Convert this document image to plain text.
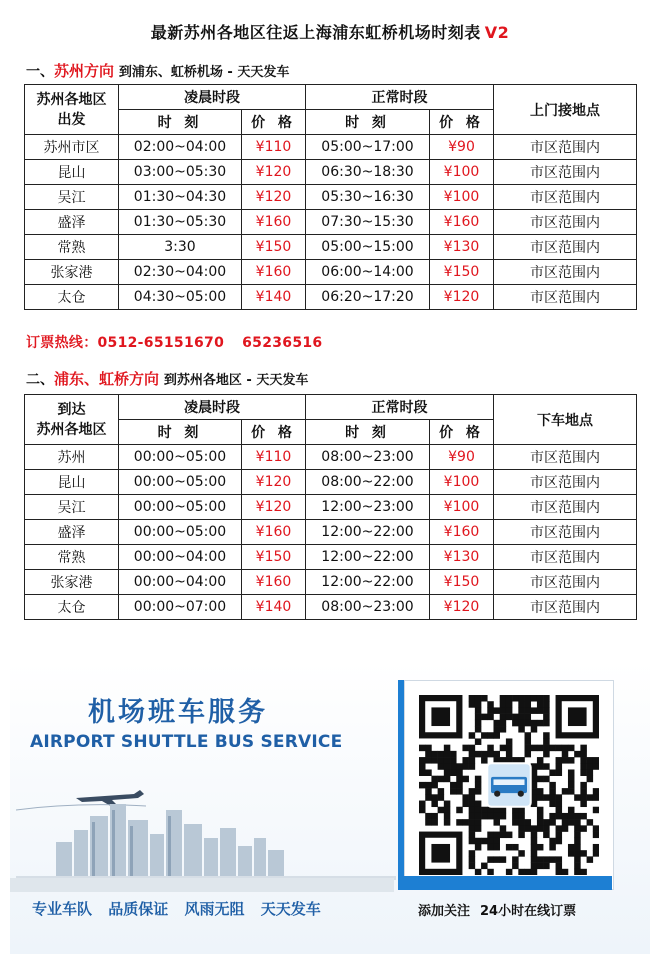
最新苏州各地区往返上海浦东虹桥机场时刻表 V2
一、苏州方向 到浦东、虹桥机场 - 天天发车
苏州各地区
出发	凌晨时段		正常时段		上门接地点
	时 刻	价 格	时 刻	价 格	
苏州市区	02:00~04:00	¥110	05:00~17:00	¥90	市区范围内
昆山	03:00~05:30	¥120	06:30~18:30	¥100	市区范围内
吴江	01:30~04:30	¥120	05:30~16:30	¥100	市区范围内
盛泽	01:30~05:30	¥160	07:30~15:30	¥160	市区范围内
常熟	3:30	¥150	05:00~15:00	¥130	市区范围内
张家港	02:30~04:00	¥160	06:00~14:00	¥150	市区范围内
太仓	04:30~05:00	¥140	06:20~17:20	¥120	市区范围内
订票热线：0512-65151670 65236516
二、浦东、虹桥方向 到苏州各地区 - 天天发车
到达
苏州各地区	凌晨时段		正常时段		下车地点
	时 刻	价 格	时 刻	价 格	
苏州	00:00~05:00	¥110	08:00~23:00	¥90	市区范围内
昆山	00:00~05:00	¥120	08:00~22:00	¥100	市区范围内
吴江	00:00~05:00	¥120	12:00~23:00	¥100	市区范围内
盛泽	00:00~05:00	¥160	12:00~22:00	¥160	市区范围内
常熟	00:00~04:00	¥150	12:00~22:00	¥130	市区范围内
张家港	00:00~04:00	¥160	12:00~22:00	¥150	市区范围内
太仓	00:00~07:00	¥140	08:00~23:00	¥120	市区范围内
机场班车服务
AIRPORT SHUTTLE BUS SERVICE
专业车队 品质保证 风雨无阻 天天发车	添加关注 24小时在线订票
